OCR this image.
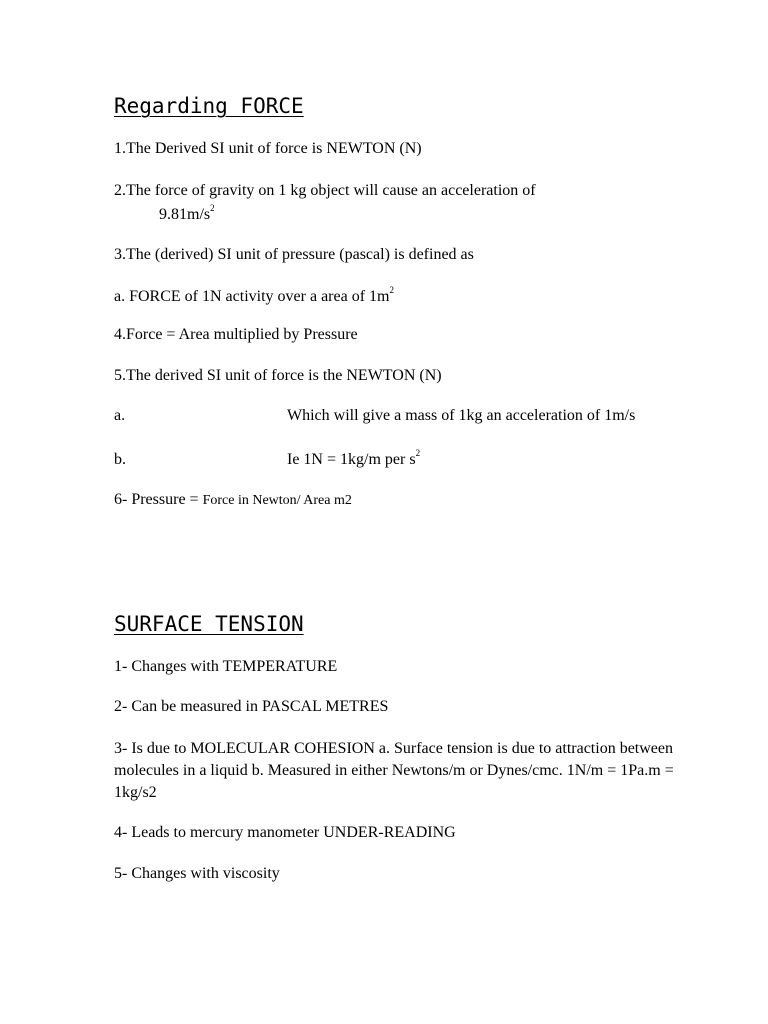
Regarding FORCE

1.The Derived SI unit of force is NEWTON (N)

2.The force of gravity on 1 kg object will cause an acceleration of

$9.81m/s^2$

3.The (derived) SI unit of pressure (pascal) is defined as

a. FORCE of 1N activity over a area of $1m^2$

4.Force = Area multiplied by Pressure

5.The derived SI unit of force is the NEWTON (N)

a.	Which will give a mass of 1kg an acceleration of 1m/s

b.	Ie 1N = 1kg/m per $s^2$

6- Pressure = Force in Newton/ Area m2

SURFACE TENSION

1- Changes with TEMPERATURE

2- Can be measured in PASCAL METRES

3- Is due to MOLECULAR COHESION a. Surface tension is due to attraction between molecules in a liquid b. Measured in either Newtons/m or Dynes/cmc. 1N/m = 1Pa.m = 1kg/s2

4- Leads to mercury manometer UNDER-READING

5- Changes with viscosity
